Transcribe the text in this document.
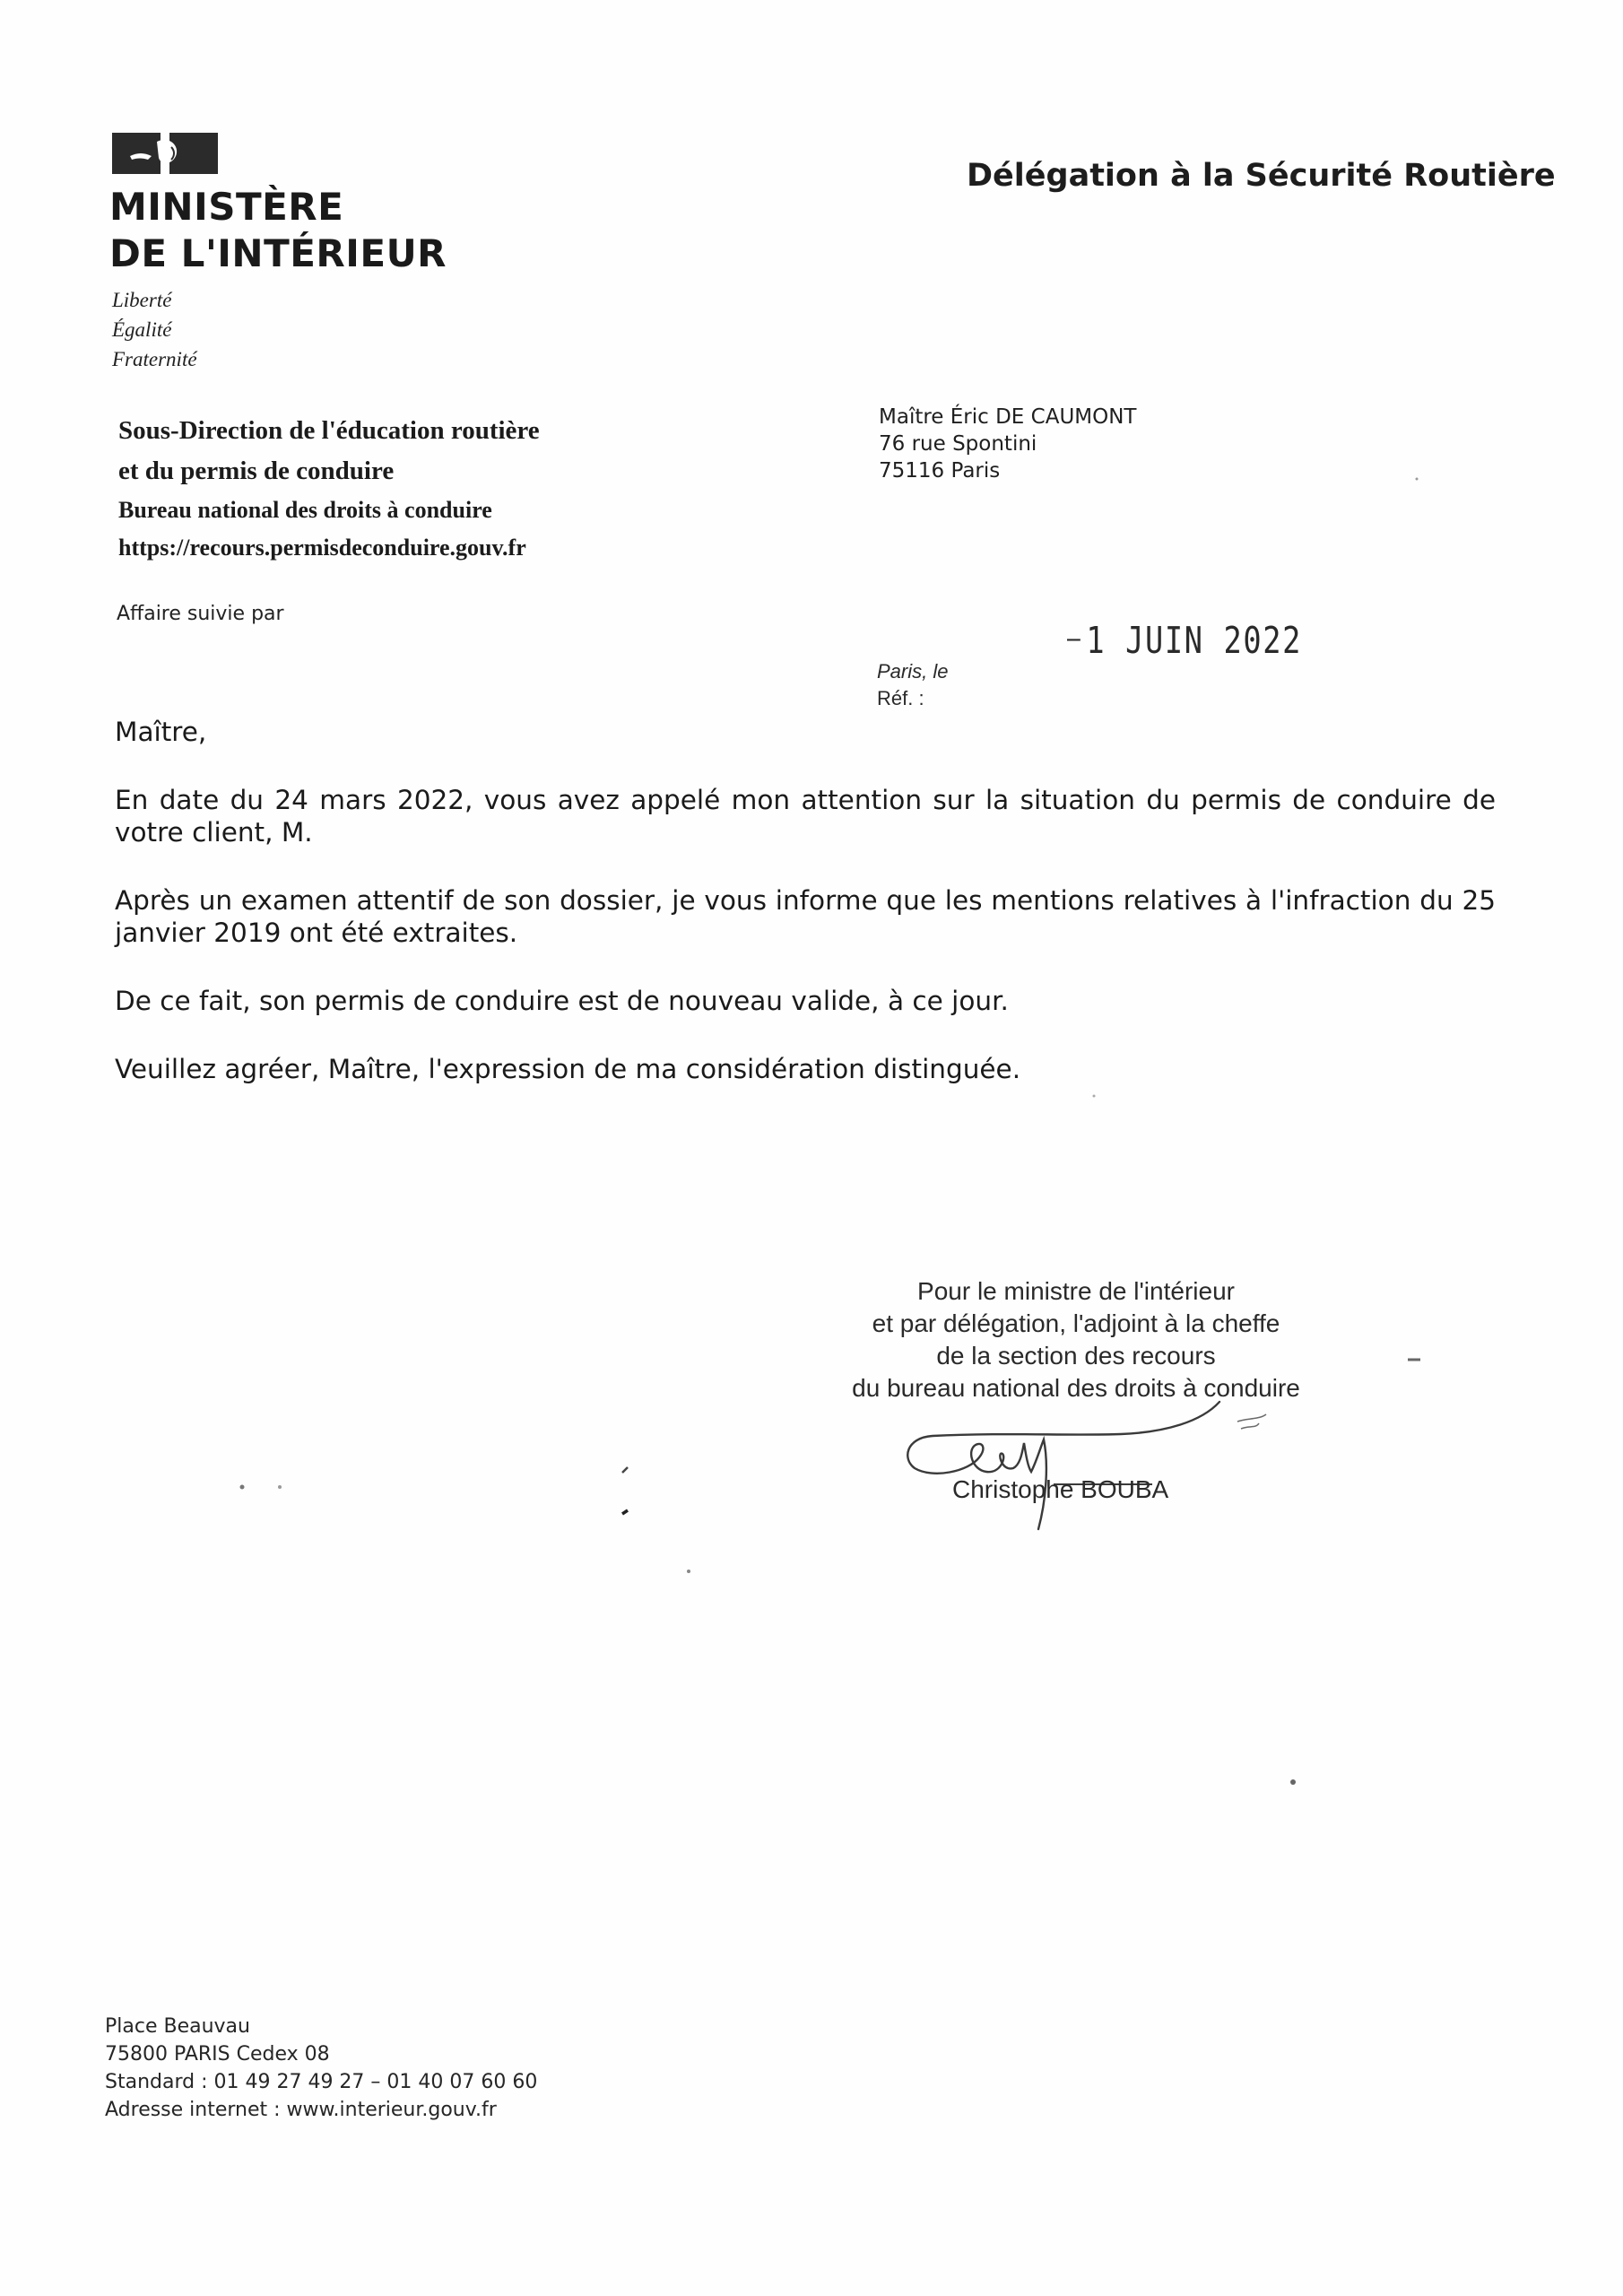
MINISTÈRE
DE L'INTÉRIEUR
Liberté
Égalité
Fraternité
Délégation à la Sécurité Routière
Sous-Direction de l'éducation routière
et du permis de conduire
Bureau national des droits à conduire
https://recours.permisdeconduire.gouv.fr
Affaire suivie par
Maître Éric DE CAUMONT
76 rue Spontini
75116 Paris
– 1 JUIN 2022
Paris, le
Réf. :

Maître,

En date du 24 mars 2022, vous avez appelé mon attention sur la situation du permis de conduire de votre client, M.

Après un examen attentif de son dossier, je vous informe que les mentions relatives à l'infraction du 25 janvier 2019 ont été extraites.

De ce fait, son permis de conduire est de nouveau valide, à ce jour.

Veuillez agréer, Maître, l'expression de ma considération distinguée.

Pour le ministre de l'intérieur
et par délégation, l'adjoint à la cheffe
de la section des recours
du bureau national des droits à conduire
Christophe BOUBA
Place Beauvau
75800 PARIS Cedex 08
Standard : 01 49 27 49 27 – 01 40 07 60 60
Adresse internet : www.interieur.gouv.fr
